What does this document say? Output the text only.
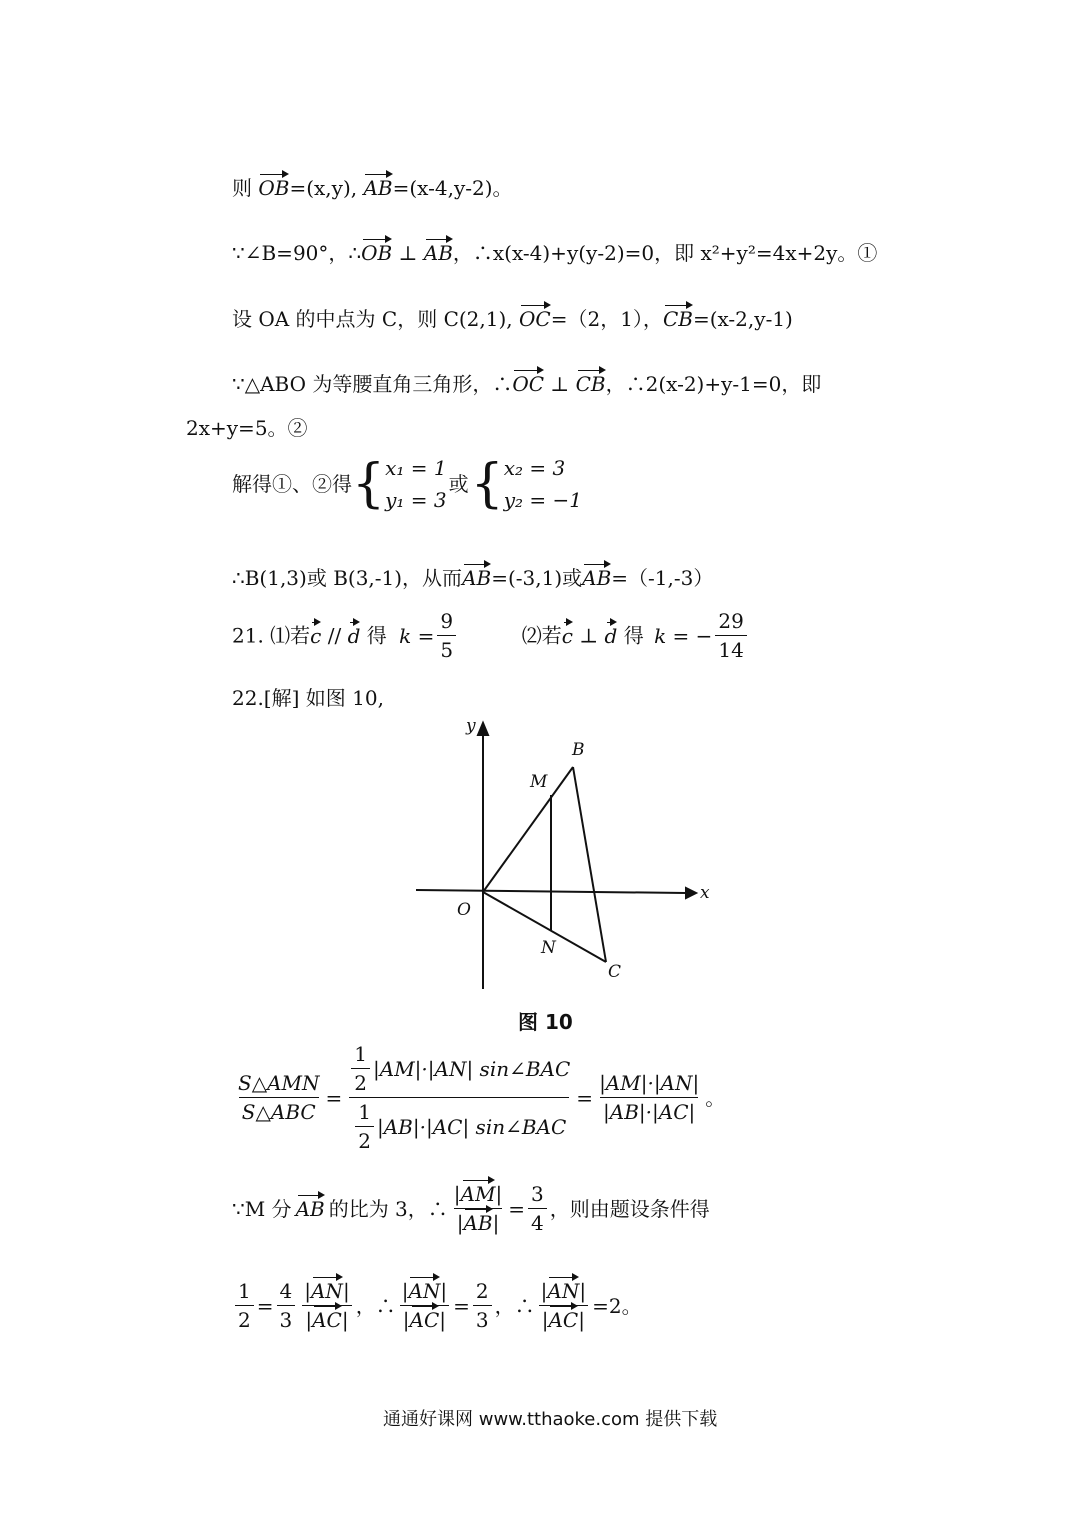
则 OB=(x,y), AB=(x-4,y-2)。
∵∠B=90°，∴OB ⊥ AB，∴x(x-4)+y(y-2)=0，即 x²+y²=4x+2y。①
设 OA 的中点为 C，则 C(2,1), OC=（2，1），CB=(x-2,y-1)
∵△ABO 为等腰直角三角形，∴OC ⊥ CB，∴2(x-2)+y-1=0，即
2x+y=5。②
解得①、②得{ x₁ = 1
y₁ = 3
或{ x₂ = 3
y₂ = −1
∴B(1,3)或 B(3,-1)，从而AB=(-3,1)或AB=（-1,-3）
21. ⑴若c // d 得 $k = \frac{9}{5}$	⑵若c ⊥ d 得 k = − $\frac{29}{14}$
22.[解] 如图 10,
y
x
O
B
M
N
C
图 10
$\frac{\text{S△AMN}}{\text{S△ABC}} = \frac{\frac{1}{2} |AM|\cdot|AN| \sin\angle BAC}{\frac{1}{2} |AB|\cdot|AC| \sin\angle BAC} = \frac{|AM|\cdot|AN|}{|AB|\cdot|AC|}$ 。
∵M 分 AB 的比为 3，∴ $\frac{|AM|}{|AB|} = \frac{3}{4}$ ，则由题设条件得
$\frac{1}{2} = \frac{4}{3} \frac{|AN|}{|AC|}$ ，∴ $\frac{|AN|}{|AC|} = \frac{2}{3}$ ，∴ $\frac{|AN|}{|AC|} =2$。
通通好课网 www.tthaoke.com 提供下载
